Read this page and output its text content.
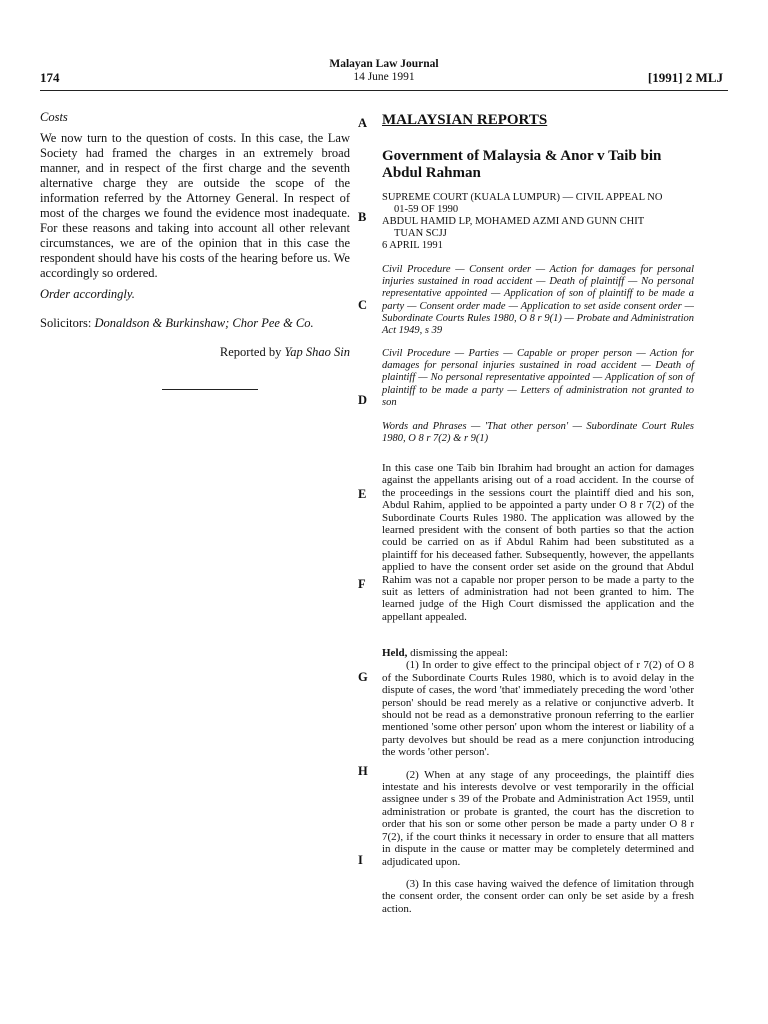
174
Malayan Law Journal
14 June 1991	[1991] 2 MLJ
Costs

We now turn to the question of costs. In this case, the Law Society had framed the charges in an extremely broad manner, and in respect of the first charge and the seventh alternative charge they are outside the scope of the information referred by the Attorney General. In respect of most of the charges we found the evidence most inadequate. For these reasons and taking into account all other relevant circumstances, we are of the opinion that in this case the respondent should have his costs of the hearing before us. We accordingly so ordered.

Order accordingly.

Solicitors: Donaldson & Burkinshaw; Chor Pee & Co.

Reported by Yap Shao Sin

A
B
C
D
E
F
G
H
I
MALAYSIAN REPORTS
Government of Malaysia & Anor v Taib bin Abdul Rahman
SUPREME COURT (KUALA LUMPUR) — CIVIL APPEAL NO
01-59 OF 1990
ABDUL HAMID LP, MOHAMED AZMI AND GUNN CHIT
TUAN SCJJ
6 APRIL 1991
Civil Procedure — Consent order — Action for damages for personal injuries sustained in road accident — Death of plaintiff — No personal representative appointed — Application of son of plaintiff to be made a party — Consent order made — Application to set aside consent order — Subordinate Courts Rules 1980, O 8 r 9(1) — Probate and Administration Act 1949, s 39
Civil Procedure — Parties — Capable or proper person — Action for damages for personal injuries sustained in road accident — Death of plaintiff — No personal representative appointed — Application of son of plaintiff to be made a party — Letters of administration not granted to son
Words and Phrases — 'That other person' — Subordinate Court Rules 1980, O 8 r 7(2) & r 9(1)

In this case one Taib bin Ibrahim had brought an action for damages against the appellants arising out of a road accident. In the course of the proceedings in the sessions court the plaintiff died and his son, Abdul Rahim, applied to be appointed a party under O 8 r 7(2) of the Subordinate Courts Rules 1980. The application was allowed by the learned president with the consent of both parties so that the action could be carried on as if Abdul Rahim had been substituted as a plaintiff for his deceased father. Subsequently, however, the appellants applied to have the consent order set aside on the ground that Abdul Rahim was not a capable nor proper person to be made a party to the suit as letters of administration had not been granted to him. The learned judge of the High Court dismissed the application and the appellant appealed.

Held, dismissing the appeal:

(1) In order to give effect to the principal object of r 7(2) of O 8 of the Subordinate Courts Rules 1980, which is to avoid delay in the dispute of cases, the word 'that' immediately preceding the word 'other person' should be read merely as a relative or conjunctive adverb. It should not be read as a demonstrative pronoun referring to the earlier mentioned 'some other person' upon whom the interest or liability of a party devolves but should be read as a mere conjunction introducing the words 'other person'.

(2) When at any stage of any proceedings, the plaintiff dies intestate and his interests devolve or vest temporarily in the official assignee under s 39 of the Probate and Administration Act 1959, until administration or probate is granted, the court has the discretion to order that his son or some other person be made a party under O 8 r 7(2), if the court thinks it necessary in order to ensure that all matters in dispute in the cause or matter may be completely determined and adjudicated upon.

(3) In this case having waived the defence of limitation through the consent order, the consent order can only be set aside by a fresh action.
